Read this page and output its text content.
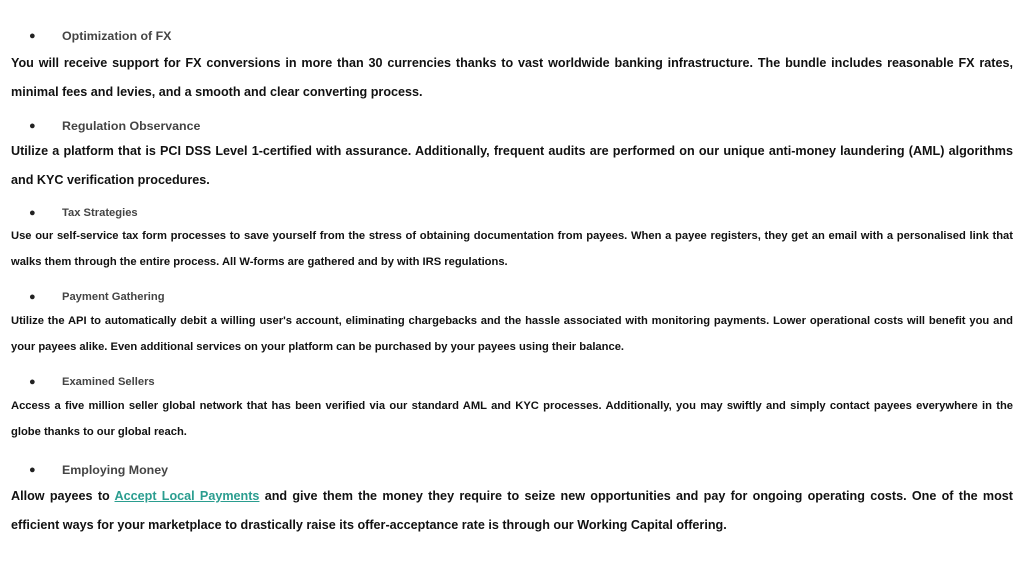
●	Optimization of FX

You will receive support for FX conversions in more than 30 currencies thanks to vast worldwide banking infrastructure. The bundle includes reasonable FX rates, minimal fees and levies, and a smooth and clear converting process.

●	Regulation Observance

Utilize a platform that is PCI DSS Level 1-certified with assurance. Additionally, frequent audits are performed on our unique anti-money laundering (AML) algorithms and KYC verification procedures.

●	Tax Strategies

Use our self-service tax form processes to save yourself from the stress of obtaining documentation from payees. When a payee registers, they get an email with a personalised link that walks them through the entire process. All W-forms are gathered and by with IRS regulations.

●	Payment Gathering

Utilize the API to automatically debit a willing user's account, eliminating chargebacks and the hassle associated with monitoring payments. Lower operational costs will benefit you and your payees alike. Even additional services on your platform can be purchased by your payees using their balance.

●	Examined Sellers

Access a five million seller global network that has been verified via our standard AML and KYC processes. Additionally, you may swiftly and simply contact payees everywhere in the globe thanks to our global reach.

●	Employing Money

Allow payees to Accept Local Payments and give them the money they require to seize new opportunities and pay for ongoing operating costs. One of the most efficient ways for your marketplace to drastically raise its offer-acceptance rate is through our Working Capital offering.
